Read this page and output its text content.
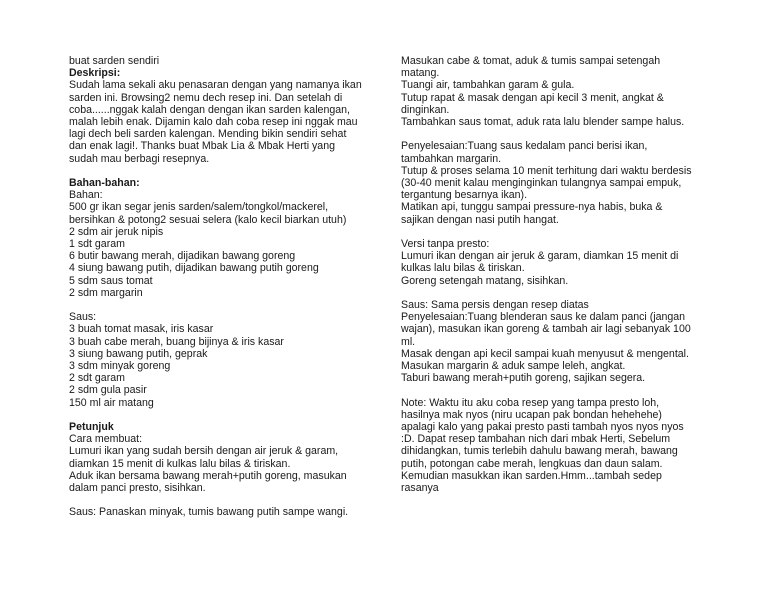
buat sarden sendiri
Deskripsi:
Sudah lama sekali aku penasaran dengan yang namanya ikan
sarden ini. Browsing2 nemu dech resep ini. Dan setelah di
coba......nggak kalah dengan dengan ikan sarden kalengan,
malah lebih enak. Dijamin kalo dah coba resep ini nggak mau
lagi dech beli sarden kalengan. Mending bikin sendiri sehat
dan enak lagi!. Thanks buat Mbak Lia & Mbak Herti yang
sudah mau berbagi resepnya.
Bahan-bahan:
Bahan:
500 gr ikan segar jenis sarden/salem/tongkol/mackerel,
bersihkan & potong2 sesuai selera (kalo kecil biarkan utuh)
2 sdm air jeruk nipis
1 sdt garam
6 butir bawang merah, dijadikan bawang goreng
4 siung bawang putih, dijadikan bawang putih goreng
5 sdm saus tomat
2 sdm margarin
Saus:
3 buah tomat masak, iris kasar
3 buah cabe merah, buang bijinya & iris kasar
3 siung bawang putih, geprak
3 sdm minyak goreng
2 sdt garam
2 sdm gula pasir
150 ml air matang
Petunjuk
Cara membuat:
Lumuri ikan yang sudah bersih dengan air jeruk & garam,
diamkan 15 menit di kulkas lalu bilas & tiriskan.
Aduk ikan bersama bawang merah+putih goreng, masukan
dalam panci presto, sisihkan.
Saus: Panaskan minyak, tumis bawang putih sampe wangi.
Masukan cabe & tomat, aduk & tumis sampai setengah
matang.
Tuangi air, tambahkan garam & gula.
Tutup rapat & masak dengan api kecil 3 menit, angkat &
dinginkan.
Tambahkan saus tomat, aduk rata lalu blender sampe halus.
Penyelesaian:Tuang saus kedalam panci berisi ikan,
tambahkan margarin.
Tutup & proses selama 10 menit terhitung dari waktu berdesis
(30-40 menit kalau menginginkan tulangnya sampai empuk,
tergantung besarnya ikan).
Matikan api, tunggu sampai pressure-nya habis, buka &
sajikan dengan nasi putih hangat.
Versi tanpa presto:
Lumuri ikan dengan air jeruk & garam, diamkan 15 menit di
kulkas lalu bilas & tiriskan.
Goreng setengah matang, sisihkan.
Saus: Sama persis dengan resep diatas
Penyelesaian:Tuang blenderan saus ke dalam panci (jangan
wajan), masukan ikan goreng & tambah air lagi sebanyak 100
ml.
Masak dengan api kecil sampai kuah menyusut & mengental.
Masukan margarin & aduk sampe leleh, angkat.
Taburi bawang merah+putih goreng, sajikan segera.
Note: Waktu itu aku coba resep yang tampa presto loh,
hasilnya mak nyos (niru ucapan pak bondan hehehehe)
apalagi kalo yang pakai presto pasti tambah nyos nyos nyos
:D. Dapat resep tambahan nich dari mbak Herti, Sebelum
dihidangkan, tumis terlebih dahulu bawang merah, bawang
putih, potongan cabe merah, lengkuas dan daun salam.
Kemudian masukkan ikan sarden.Hmm...tambah sedep
rasanya
